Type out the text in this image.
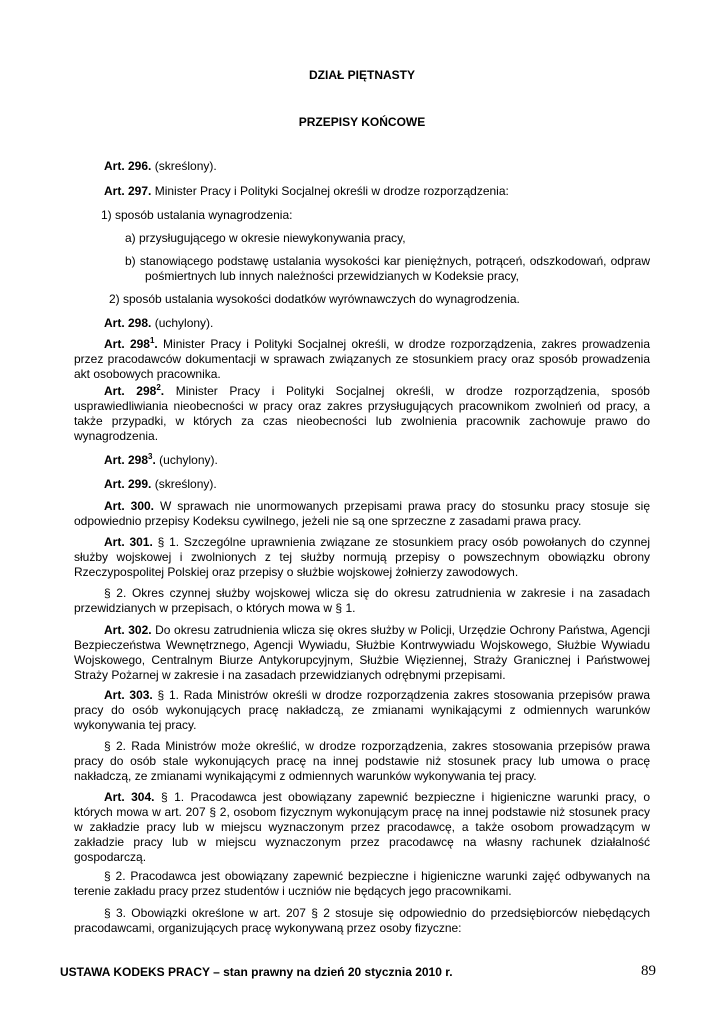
DZIAŁ PIĘTNASTY
PRZEPISY KOŃCOWE

Art. 296. (skreślony).

Art. 297. Minister Pracy i Polityki Socjalnej określi w drodze rozporządzenia:

1) sposób ustalania wynagrodzenia:

a) przysługującego w okresie niewykonywania pracy,

b) stanowiącego podstawę ustalania wysokości kar pieniężnych, potrąceń, odszkodowań, odpraw pośmiertnych lub innych należności przewidzianych w Kodeksie pracy,

2) sposób ustalania wysokości dodatków wyrównawczych do wynagrodzenia.

Art. 298. (uchylony).

Art. $298^1$. Minister Pracy i Polityki Socjalnej określi, w drodze rozporządzenia, zakres prowadzenia przez pracodawców dokumentacji w sprawach związanych ze stosunkiem pracy oraz sposób prowadzenia akt osobowych pracownika.

Art. $298^2$. Minister Pracy i Polityki Socjalnej określi, w drodze rozporządzenia, sposób usprawiedliwiania nieobecności w pracy oraz zakres przysługujących pracownikom zwolnień od pracy, a także przypadki, w których za czas nieobecności lub zwolnienia pracownik zachowuje prawo do wynagrodzenia.

Art. $298^3$. (uchylony).

Art. 299. (skreślony).

Art. 300. W sprawach nie unormowanych przepisami prawa pracy do stosunku pracy stosuje się odpowiednio przepisy Kodeksu cywilnego, jeżeli nie są one sprzeczne z zasadami prawa pracy.

Art. 301. § 1. Szczególne uprawnienia związane ze stosunkiem pracy osób powołanych do czynnej służby wojskowej i zwolnionych z tej służby normują przepisy o powszechnym obowiązku obrony Rzeczypospolitej Polskiej oraz przepisy o służbie wojskowej żołnierzy zawodowych.

§ 2. Okres czynnej służby wojskowej wlicza się do okresu zatrudnienia w zakresie i na zasadach przewidzianych w przepisach, o których mowa w § 1.

Art. 302. Do okresu zatrudnienia wlicza się okres służby w Policji, Urzędzie Ochrony Państwa, Agencji Bezpieczeństwa Wewnętrznego, Agencji Wywiadu, Służbie Kontrwywiadu Wojskowego, Służbie Wywiadu Wojskowego, Centralnym Biurze Antykorupcyjnym, Służbie Więziennej, Straży Granicznej i Państwowej Straży Pożarnej w zakresie i na zasadach przewidzianych odrębnymi przepisami.

Art. 303. § 1. Rada Ministrów określi w drodze rozporządzenia zakres stosowania przepisów prawa pracy do osób wykonujących pracę nakładczą, ze zmianami wynikającymi z odmiennych warunków wykonywania tej pracy.

§ 2. Rada Ministrów może określić, w drodze rozporządzenia, zakres stosowania przepisów prawa pracy do osób stale wykonujących pracę na innej podstawie niż stosunek pracy lub umowa o pracę nakładczą, ze zmianami wynikającymi z odmiennych warunków wykonywania tej pracy.

Art. 304. § 1. Pracodawca jest obowiązany zapewnić bezpieczne i higieniczne warunki pracy, o których mowa w art. 207 § 2, osobom fizycznym wykonującym pracę na innej podstawie niż stosunek pracy w zakładzie pracy lub w miejscu wyznaczonym przez pracodawcę, a także osobom prowadzącym w zakładzie pracy lub w miejscu wyznaczonym przez pracodawcę na własny rachunek działalność gospodarczą.

§ 2. Pracodawca jest obowiązany zapewnić bezpieczne i higieniczne warunki zajęć odbywanych na terenie zakładu pracy przez studentów i uczniów nie będących jego pracownikami.

§ 3. Obowiązki określone w art. 207 § 2 stosuje się odpowiednio do przedsiębiorców niebędących pracodawcami, organizujących pracę wykonywaną przez osoby fizyczne:

USTAWA KODEKS PRACY – stan prawny na dzień 20 stycznia 2010 r.	89
